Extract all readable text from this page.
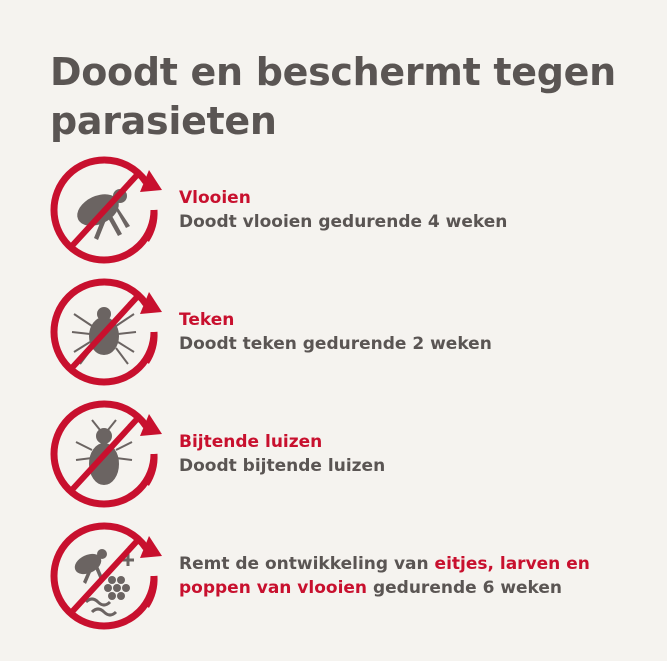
Doodt en beschermt tegen parasieten
Vlooien
Doodt vlooien gedurende 4 weken
Teken
Doodt teken gedurende 2 weken
Bijtende luizen
Doodt bijtende luizen
Remt de ontwikkeling van eitjes, larven en poppen van vlooien gedurende 6 weken
